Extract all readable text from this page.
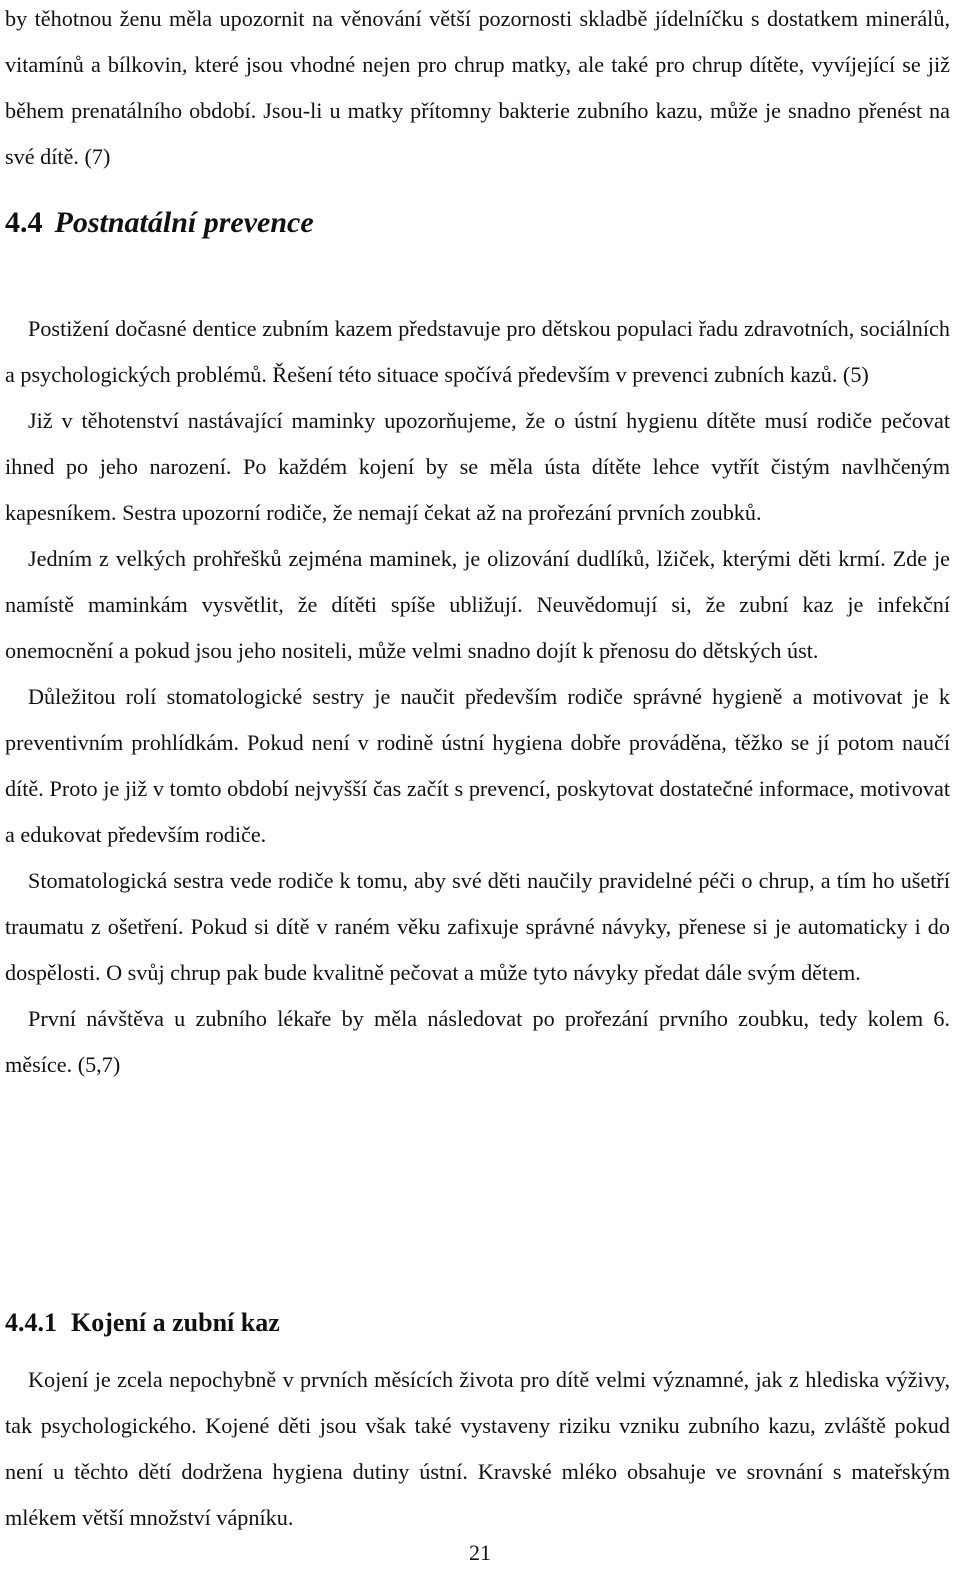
by těhotnou ženu měla upozornit na věnování větší pozornosti skladbě jídelníčku s dostatkem minerálů, vitamínů a bílkovin, které jsou vhodné nejen pro chrup matky, ale také pro chrup dítěte, vyvíjející se již během prenatálního období. Jsou-li u matky přítomny bakterie zubního kazu, může je snadno přenést na své dítě. (7)

4.4 Postnatální prevence

Postižení dočasné dentice zubním kazem představuje pro dětskou populaci řadu zdravotních, sociálních a psychologických problémů. Řešení této situace spočívá především v prevenci zubních kazů. (5)

Již v těhotenství nastávající maminky upozorňujeme, že o ústní hygienu dítěte musí rodiče pečovat ihned po jeho narození. Po každém kojení by se měla ústa dítěte lehce vytřít čistým navlhčeným kapesníkem. Sestra upozorní rodiče, že nemají čekat až na prořezání prvních zoubků.

Jedním z velkých prohřešků zejména maminek, je olizování dudlíků, lžiček, kterými děti krmí. Zde je namístě maminkám vysvětlit, že dítěti spíše ubližují. Neuvědomují si, že zubní kaz je infekční onemocnění a pokud jsou jeho nositeli, může velmi snadno dojít k přenosu do dětských úst.

Důležitou rolí stomatologické sestry je naučit především rodiče správné hygieně a motivovat je k preventivním prohlídkám. Pokud není v rodině ústní hygiena dobře prováděna, těžko se jí potom naučí dítě. Proto je již v tomto období nejvyšší čas začít s prevencí, poskytovat dostatečné informace, motivovat a edukovat především rodiče.

Stomatologická sestra vede rodiče k tomu, aby své děti naučily pravidelné péči o chrup, a tím ho ušetří traumatu z ošetření. Pokud si dítě v raném věku zafixuje správné návyky, přenese si je automaticky i do dospělosti. O svůj chrup pak bude kvalitně pečovat a může tyto návyky předat dále svým dětem.

První návštěva u zubního lékaře by měla následovat po prořezání prvního zoubku, tedy kolem 6. měsíce. (5,7)

4.4.1 Kojení a zubní kaz

Kojení je zcela nepochybně v prvních měsících života pro dítě velmi významné, jak z hlediska výživy, tak psychologického. Kojené děti jsou však také vystaveny riziku vzniku zubního kazu, zvláště pokud není u těchto dětí dodržena hygiena dutiny ústní. Kravské mléko obsahuje ve srovnání s mateřským mlékem větší množství vápníku.

21
